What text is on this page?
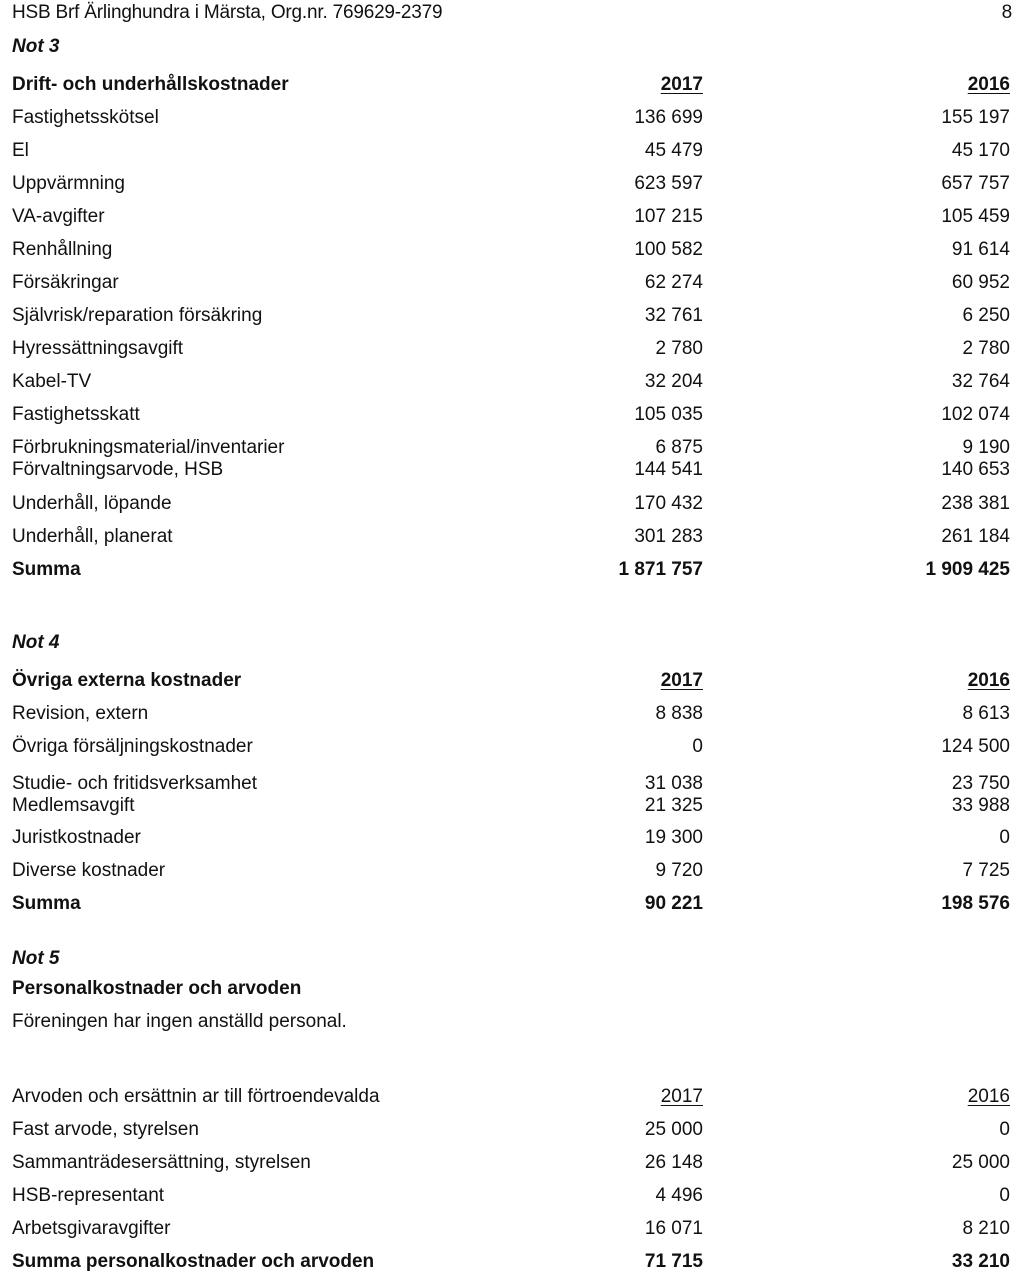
HSB Brf Ärlinghundra i Märsta, Org.nr. 769629-2379	8
Not 3
Drift- och underhållskostnader	2017	2016
Fastighetsskötsel	136 699	155 197
El	45 479	45 170
Uppvärmning	623 597	657 757
VA-avgifter	107 215	105 459
Renhållning	100 582	91 614
Försäkringar	62 274	60 952
Självrisk/reparation försäkring	32 761	6 250
Hyressättningsavgift	2 780	2 780
Kabel-TV	32 204	32 764
Fastighetsskatt	105 035	102 074
Förbrukningsmaterial/inventarier	6 875	9 190
Förvaltningsarvode, HSB	144 541	140 653
Underhåll, löpande	170 432	238 381
Underhåll, planerat	301 283	261 184
Summa	1 871 757	1 909 425
Not 4
Övriga externa kostnader	2017	2016
Revision, extern	8 838	8 613
Övriga försäljningskostnader	0	124 500
Studie- och fritidsverksamhet	31 038	23 750
Medlemsavgift	21 325	33 988
Juristkostnader	19 300	0
Diverse kostnader	9 720	7 725
Summa	90 221	198 576
Not 5
Personalkostnader och arvoden
Föreningen har ingen anställd personal.
Arvoden och ersättnin ar till förtroendevalda	2017	2016
Fast arvode, styrelsen	25 000	0
Sammanträdesersättning, styrelsen	26 148	25 000
HSB-representant	4 496	0
Arbetsgivaravgifter	16 071	8 210
Summa personalkostnader och arvoden	71 715	33 210
